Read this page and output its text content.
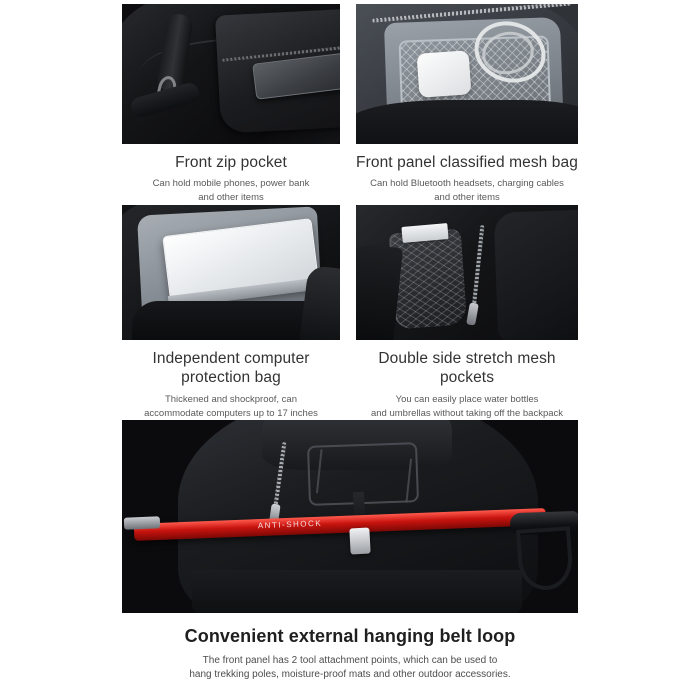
Front zip pocket
Can hold mobile phones, power bank
and other items
Front panel classified mesh bag
Can hold Bluetooth headsets, charging cables
and other items
Independent computer
protection bag
Thickened and shockproof, can
accommodate computers up to 17 inches
Double side stretch mesh pockets
You can easily place water bottles
and umbrellas without taking off the backpack
ANTI-SHOCK
Convenient external hanging belt loop
The front panel has 2 tool attachment points, which can be used to
hang trekking poles, moisture-proof mats and other outdoor accessories.
